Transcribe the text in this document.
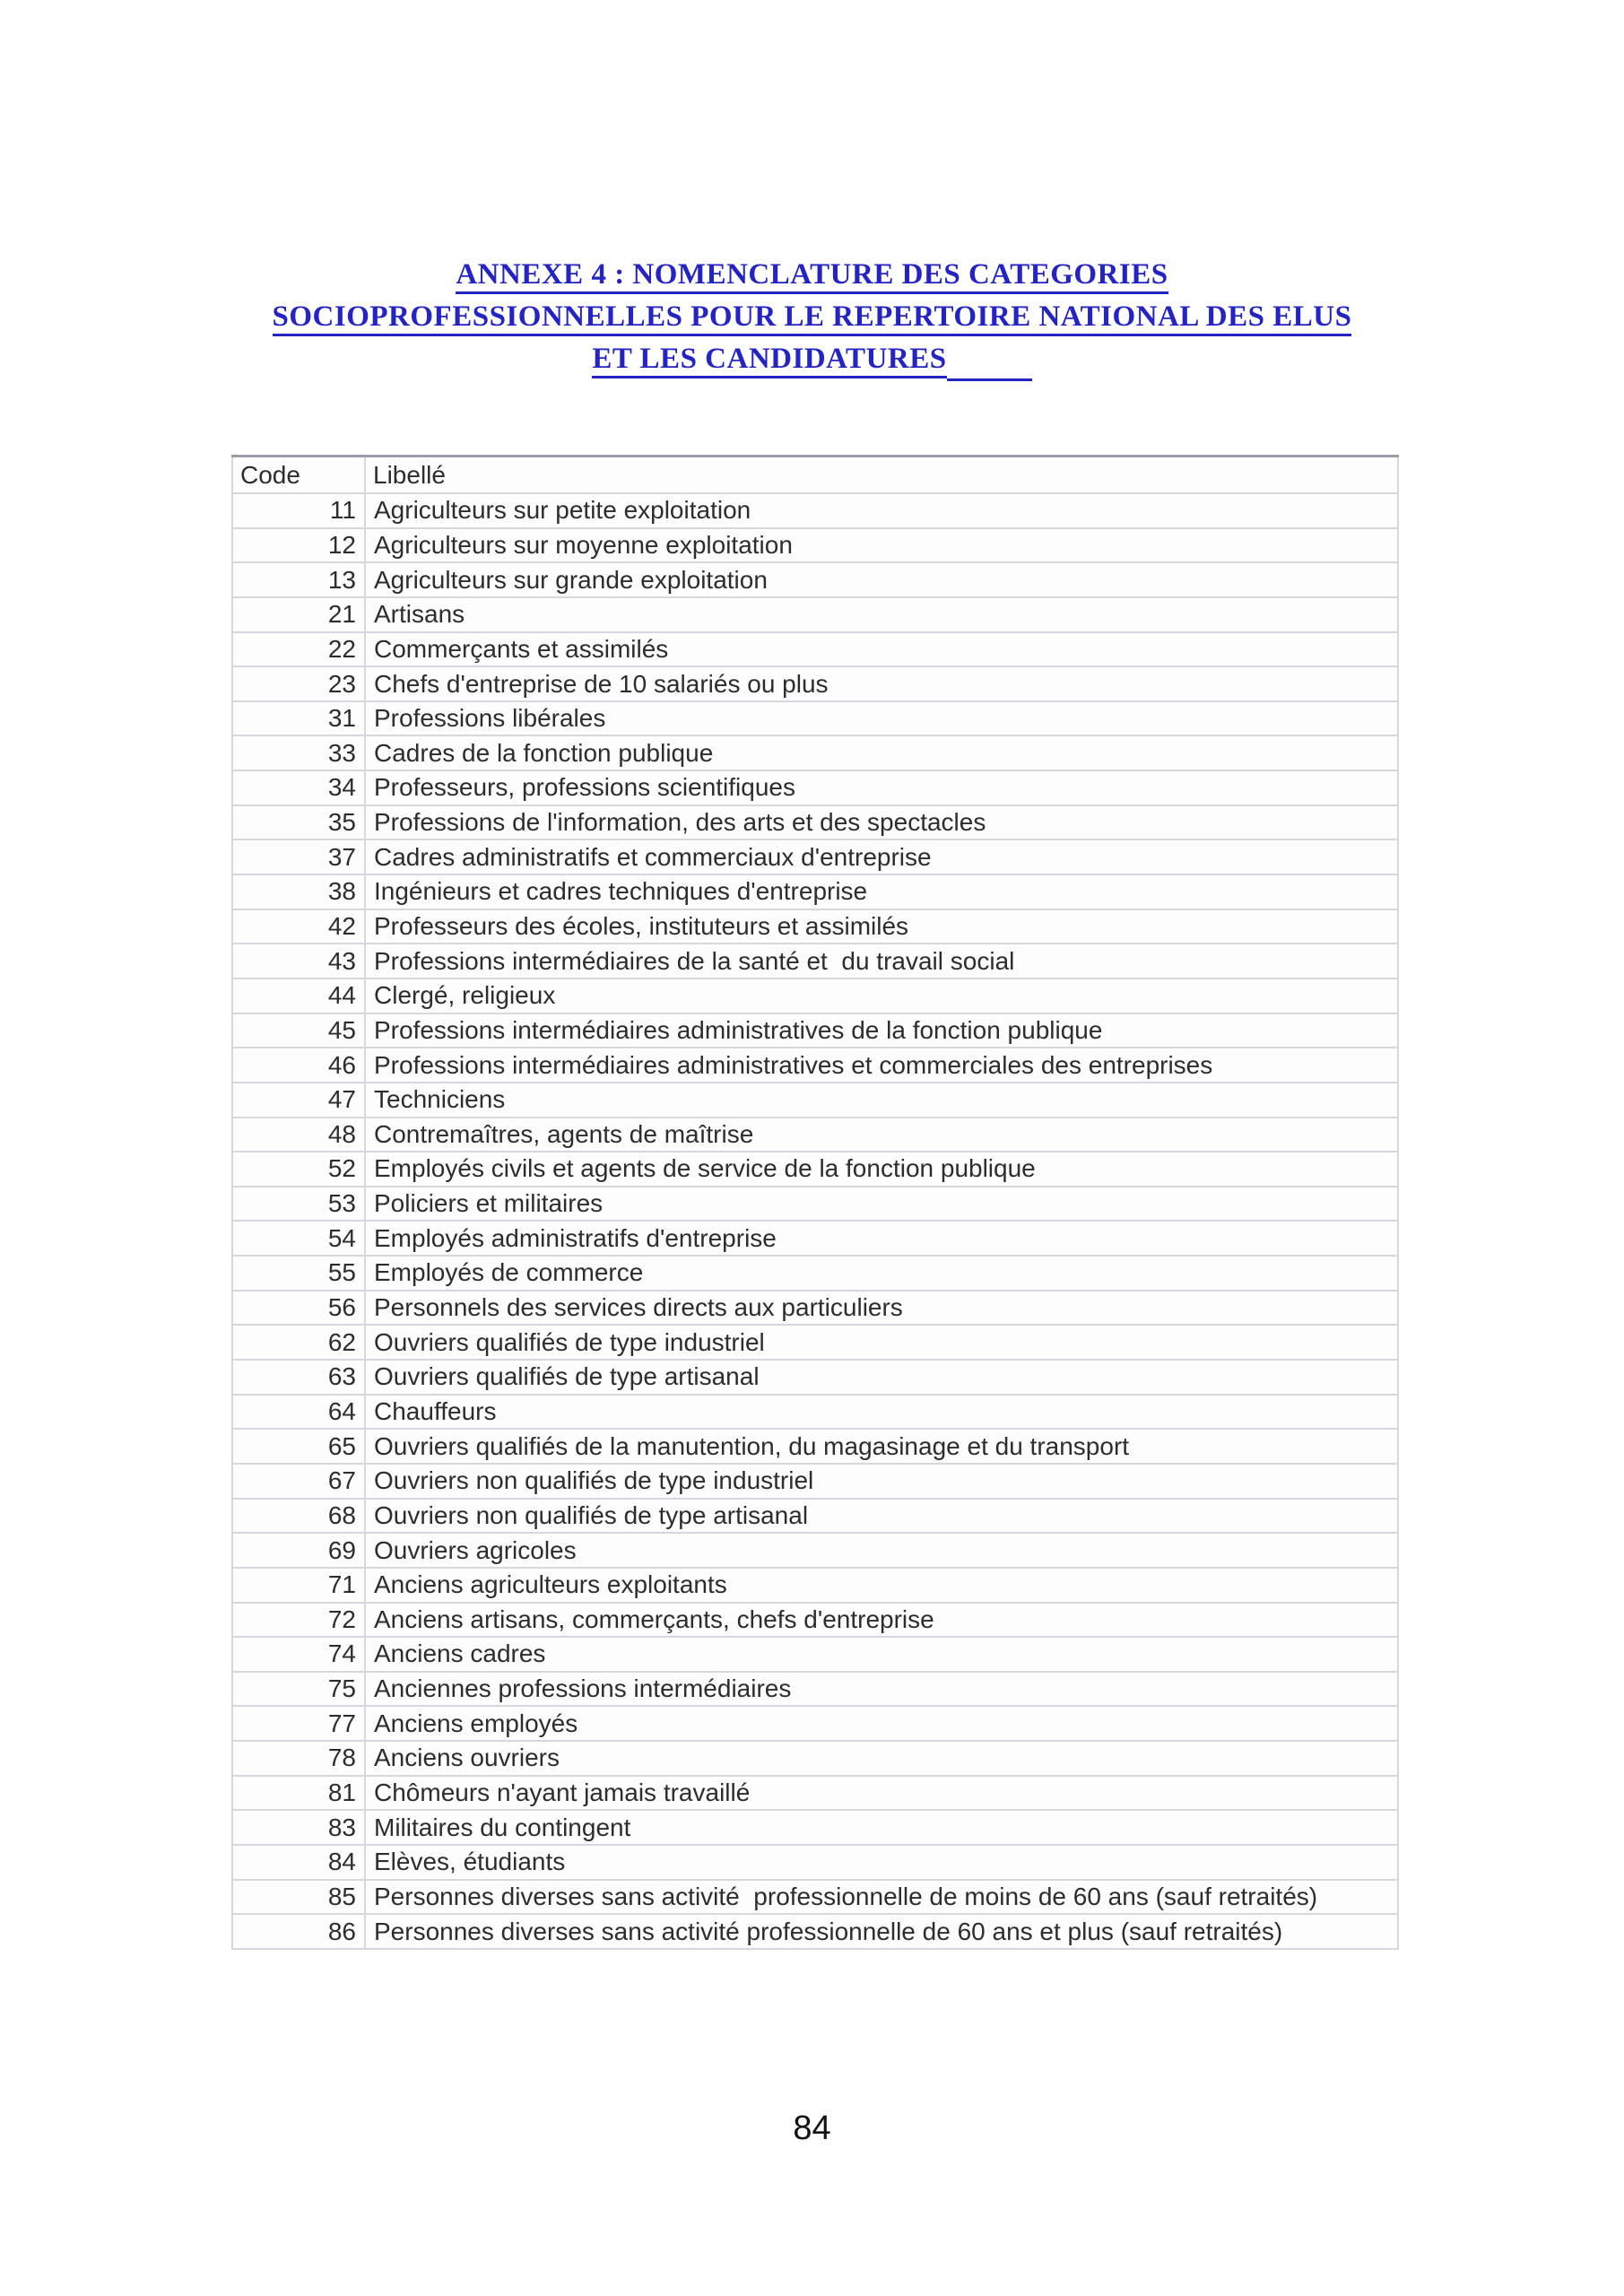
ANNEXE 4 : NOMENCLATURE DES CATEGORIES
SOCIOPROFESSIONNELLES POUR LE REPERTOIRE NATIONAL DES ELUS
ET LES CANDIDATURES
Code	Libellé
11	Agriculteurs sur petite exploitation
12	Agriculteurs sur moyenne exploitation
13	Agriculteurs sur grande exploitation
21	Artisans
22	Commerçants et assimilés
23	Chefs d'entreprise de 10 salariés ou plus
31	Professions libérales
33	Cadres de la fonction publique
34	Professeurs, professions scientifiques
35	Professions de l'information, des arts et des spectacles
37	Cadres administratifs et commerciaux d'entreprise
38	Ingénieurs et cadres techniques d'entreprise
42	Professeurs des écoles, instituteurs et assimilés
43	Professions intermédiaires de la santé et  du travail social
44	Clergé, religieux
45	Professions intermédiaires administratives de la fonction publique
46	Professions intermédiaires administratives et commerciales des entreprises
47	Techniciens
48	Contremaîtres, agents de maîtrise
52	Employés civils et agents de service de la fonction publique
53	Policiers et militaires
54	Employés administratifs d'entreprise
55	Employés de commerce
56	Personnels des services directs aux particuliers
62	Ouvriers qualifiés de type industriel
63	Ouvriers qualifiés de type artisanal
64	Chauffeurs
65	Ouvriers qualifiés de la manutention, du magasinage et du transport
67	Ouvriers non qualifiés de type industriel
68	Ouvriers non qualifiés de type artisanal
69	Ouvriers agricoles
71	Anciens agriculteurs exploitants
72	Anciens artisans, commerçants, chefs d'entreprise
74	Anciens cadres
75	Anciennes professions intermédiaires
77	Anciens employés
78	Anciens ouvriers
81	Chômeurs n'ayant jamais travaillé
83	Militaires du contingent
84	Elèves, étudiants
85	Personnes diverses sans activité  professionnelle de moins de 60 ans (sauf retraités)
86	Personnes diverses sans activité professionnelle de 60 ans et plus (sauf retraités)
84
